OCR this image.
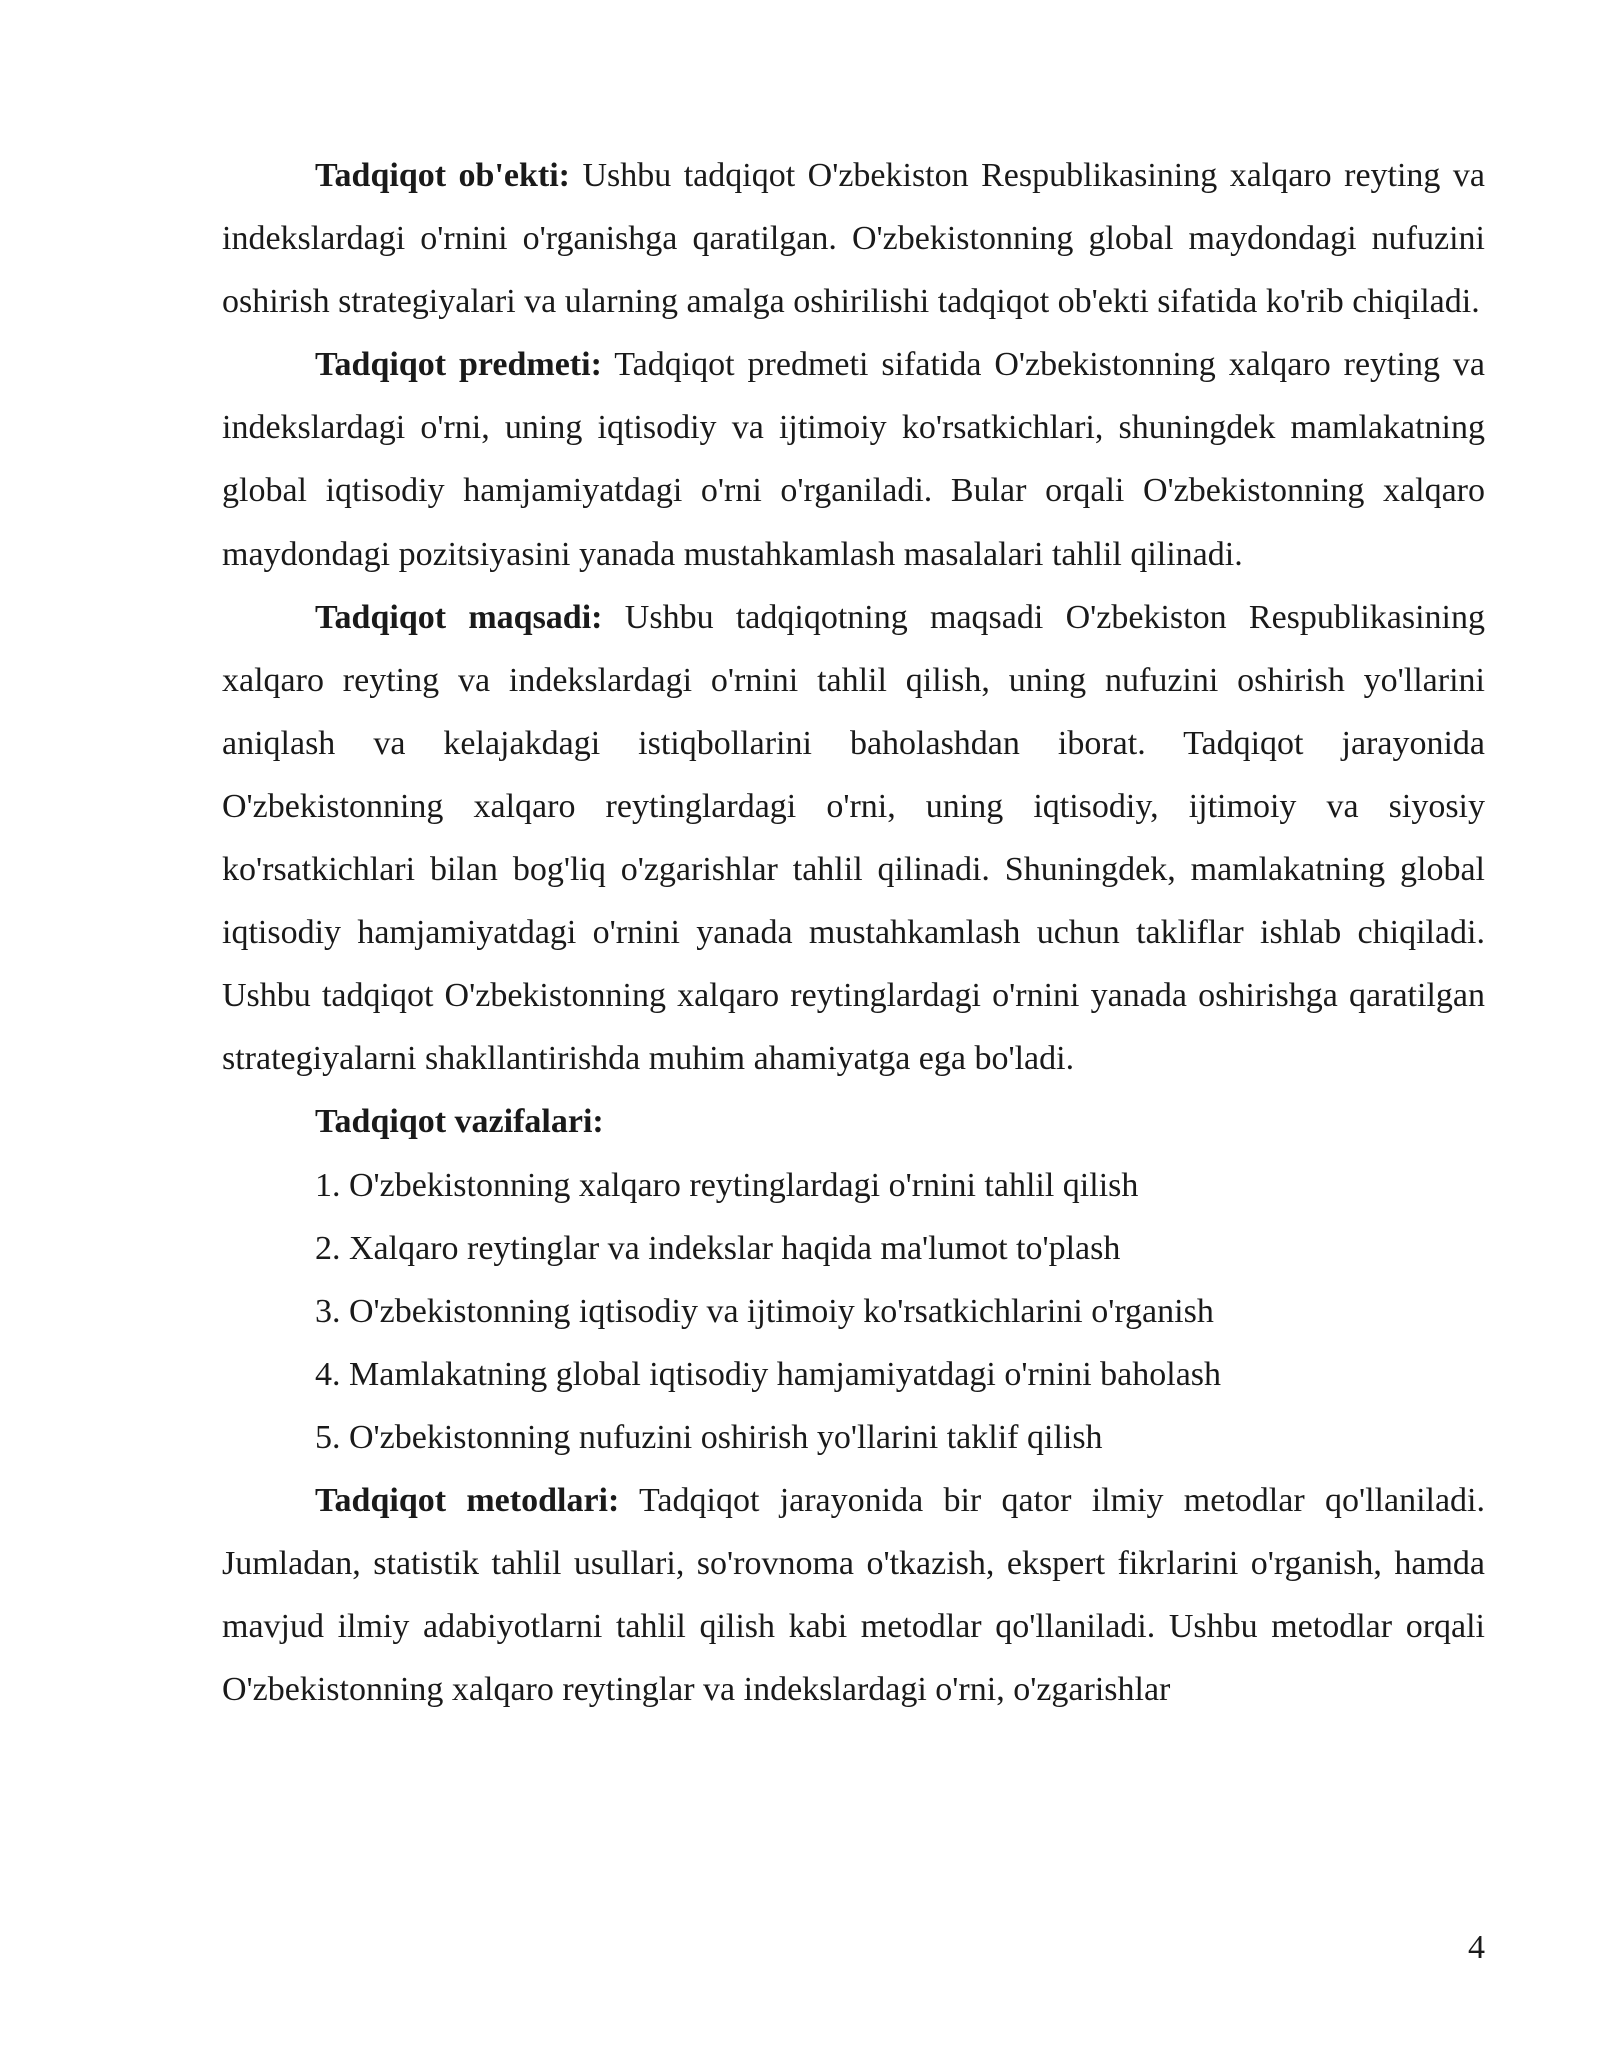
Tadqiqot ob'ekti: Ushbu tadqiqot O'zbekiston Respublikasining xalqaro reyting va indekslardagi o'rnini o'rganishga qaratilgan. O'zbekistonning global maydondagi nufuzini oshirish strategiyalari va ularning amalga oshirilishi tadqiqot ob'ekti sifatida ko'rib chiqiladi.

Tadqiqot predmeti: Tadqiqot predmeti sifatida O'zbekistonning xalqaro reyting va indekslardagi o'rni, uning iqtisodiy va ijtimoiy ko'rsatkichlari, shuningdek mamlakatning global iqtisodiy hamjamiyatdagi o'rni o'rganiladi. Bular orqali O'zbekistonning xalqaro maydondagi pozitsiyasini yanada mustahkamlash masalalari tahlil qilinadi.

Tadqiqot maqsadi: Ushbu tadqiqotning maqsadi O'zbekiston Respublikasining xalqaro reyting va indekslardagi o'rnini tahlil qilish, uning nufuzini oshirish yo'llarini aniqlash va kelajakdagi istiqbollarini baholashdan iborat. Tadqiqot jarayonida O'zbekistonning xalqaro reytinglardagi o'rni, uning iqtisodiy, ijtimoiy va siyosiy ko'rsatkichlari bilan bog'liq o'zgarishlar tahlil qilinadi. Shuningdek, mamlakatning global iqtisodiy hamjamiyatdagi o'rnini yanada mustahkamlash uchun takliflar ishlab chiqiladi. Ushbu tadqiqot O'zbekistonning xalqaro reytinglardagi o'rnini yanada oshirishga qaratilgan strategiyalarni shakllantirishda muhim ahamiyatga ega bo'ladi.

Tadqiqot vazifalari:

1. O'zbekistonning xalqaro reytinglardagi o'rnini tahlil qilish
2. Xalqaro reytinglar va indekslar haqida ma'lumot to'plash
3. O'zbekistonning iqtisodiy va ijtimoiy ko'rsatkichlarini o'rganish
4. Mamlakatning global iqtisodiy hamjamiyatdagi o'rnini baholash
5. O'zbekistonning nufuzini oshirish yo'llarini taklif qilish

Tadqiqot metodlari: Tadqiqot jarayonida bir qator ilmiy metodlar qo'llaniladi. Jumladan, statistik tahlil usullari, so'rovnoma o'tkazish, ekspert fikrlarini o'rganish, hamda mavjud ilmiy adabiyotlarni tahlil qilish kabi metodlar qo'llaniladi. Ushbu metodlar orqali O'zbekistonning xalqaro reytinglar va indekslardagi o'rni, o'zgarishlar

4
